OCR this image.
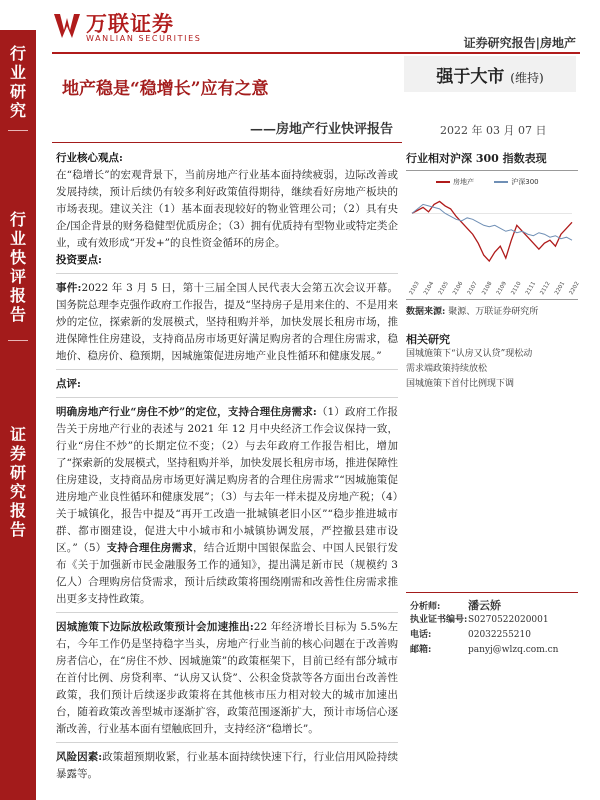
万联证券
WANLIAN SECURITIES	证券研究报告|房地产
行业研究
行业快评报告
证券研究报告
地产稳是“稳增长”应有之意
——房地产行业快评报告
强于大市 (维持)
2022 年 03 月 07 日
行业核心观点:
在“稳增长”的宏观背景下，当前房地产行业基本面持续疲弱，边际改善或发展持续，预计后续仍有较多利好政策值得期待，继续看好房地产板块的市场表现。建议关注（1）基本面表现较好的物业管理公司；（2）具有央企/国企背景的财务稳健型优质房企；（3）拥有优质持有型物业或特定类企业，或有效形成“开发+”的良性资金循环的房企。
投资要点:
事件:2022 年 3 月 5 日，第十三届全国人民代表大会第五次会议开幕。国务院总理李克强作政府工作报告，提及“坚持房子是用来住的、不是用来炒的定位，探索新的发展模式，坚持租购并举，加快发展长租房市场，推进保障性住房建设，支持商品房市场更好满足购房者的合理住房需求，稳地价、稳房价、稳预期，因城施策促进房地产业良性循环和健康发展。”
点评:
明确房地产行业“房住不炒”的定位，支持合理住房需求:（1）政府工作报告关于房地产行业的表述与 2021 年 12 月中央经济工作会议保持一致，行业“房住不炒”的长期定位不变；（2）与去年政府工作报告相比，增加了“探索新的发展模式，坚持租购并举，加快发展长租房市场，推进保障性住房建设，支持商品房市场更好满足购房者的合理住房需求”“因城施策促进房地产业良性循环和健康发展”；（3）与去年一样未提及房地产税；（4）关于城镇化，报告中提及“再开工改造一批城镇老旧小区”“稳步推进城市群、都市圈建设，促进大中小城市和小城镇协调发展，严控撤县建市设区。”（5）支持合理住房需求，结合近期中国银保监会、中国人民银行发布《关于加强新市民金融服务工作的通知》，提出满足新市民（规模约 3 亿人）合理购房信贷需求，预计后续政策将围绕刚需和改善性住房需求推出更多支持性政策。
因城施策下边际放松政策预计会加速推出:22 年经济增长目标为 5.5%左右，今年工作仍是坚持稳字当头，房地产行业当前的核心问题在于改善购房者信心，在“房住不炒、因城施策”的政策框架下，目前已经有部分城市在首付比例、房贷利率、“认房又认贷”、公积金贷款等各方面出台改善性政策，我们预计后续逐步政策将在其他核市压力相对较大的城市加速出台，随着政策改善型城市逐渐扩容，政策范围逐渐扩大，预计市场信心逐渐改善，行业基本面有望触底回升，支持经济“稳增长”。
风险因素:政策超预期收紧，行业基本面持续快速下行，行业信用风险持续暴露等。
行业相对沪深 300 指数表现
房地产	沪深300
2103 2104 2105 2106 2107 2108 2109 2110 2111 2112 2201 2202
数据来源: 聚源、万联证券研究所
相关研究
国城施策下“认房又认贷”现松动
需求端政策持续放松
国城施策下首付比例现下调
分析师:	潘云娇
执业证书编号:S0270522020001
电话:	02032255210
邮箱:	panyj@wlzq.com.cn
